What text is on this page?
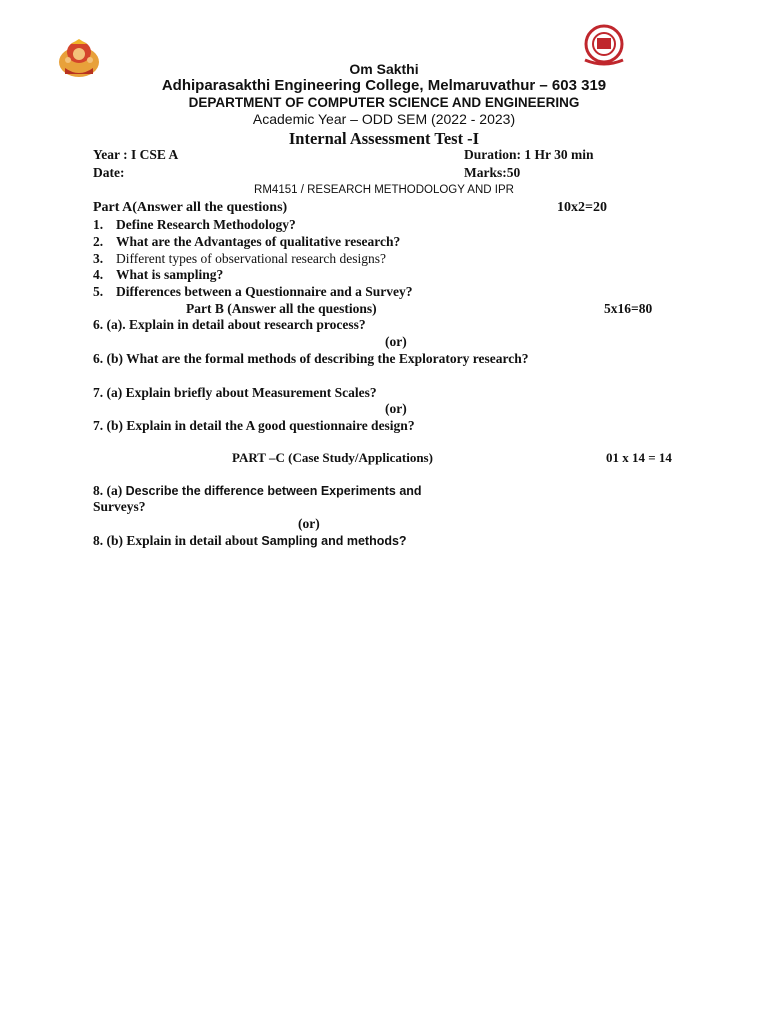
Om Sakthi
Adhiparasakthi Engineering College, Melmaruvathur – 603 319
DEPARTMENT OF COMPUTER SCIENCE AND ENGINEERING
Academic Year – ODD SEM (2022 - 2023)
Internal Assessment Test -I
Year : I CSE A	Duration: 1 Hr 30 min
Date:	Marks:50
RM4151 / RESEARCH METHODOLOGY AND IPR
Part A(Answer all the questions)	10x2=20
1. Define Research Methodology?
2. What are the Advantages of qualitative research?
3. Different types of observational research designs?
4. What is sampling?
5. Differences between a Questionnaire and a Survey?
Part B (Answer all the questions)	5x16=80
6. (a). Explain in detail about research process?
(or)
6. (b) What are the formal methods of describing the Exploratory research?
7. (a) Explain briefly about Measurement Scales?
(or)
7. (b) Explain in detail the A good questionnaire design?
PART –C (Case Study/Applications)	01 x 14 = 14
8. (a) Describe the difference between Experiments and
Surveys?
(or)
8. (b) Explain in detail about Sampling and methods?
